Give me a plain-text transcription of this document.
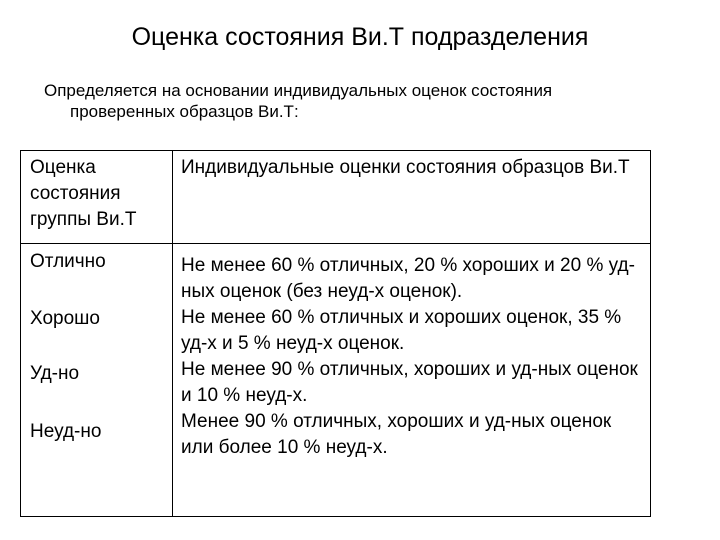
Оценка состояния Ви.Т подразделения
Определяется на основании индивидуальных оценок состояния
проверенных образцов Ви.Т:
Оценка состояния группы Ви.Т
Индивидуальные оценки состояния образцов Ви.Т
Отлично
Хорошо
Уд-но
Неуд-но
Не менее 60 % отличных, 20 % хороших и 20 % уд-ных оценок (без неуд-х оценок).
Не менее 60 % отличных и хороших оценок, 35 % уд-х и 5 % неуд-х оценок.
Не менее 90 % отличных, хороших и уд-ных оценок и 10 % неуд-х.
Менее 90 % отличных, хороших и уд-ных оценок или более 10 % неуд-х.
